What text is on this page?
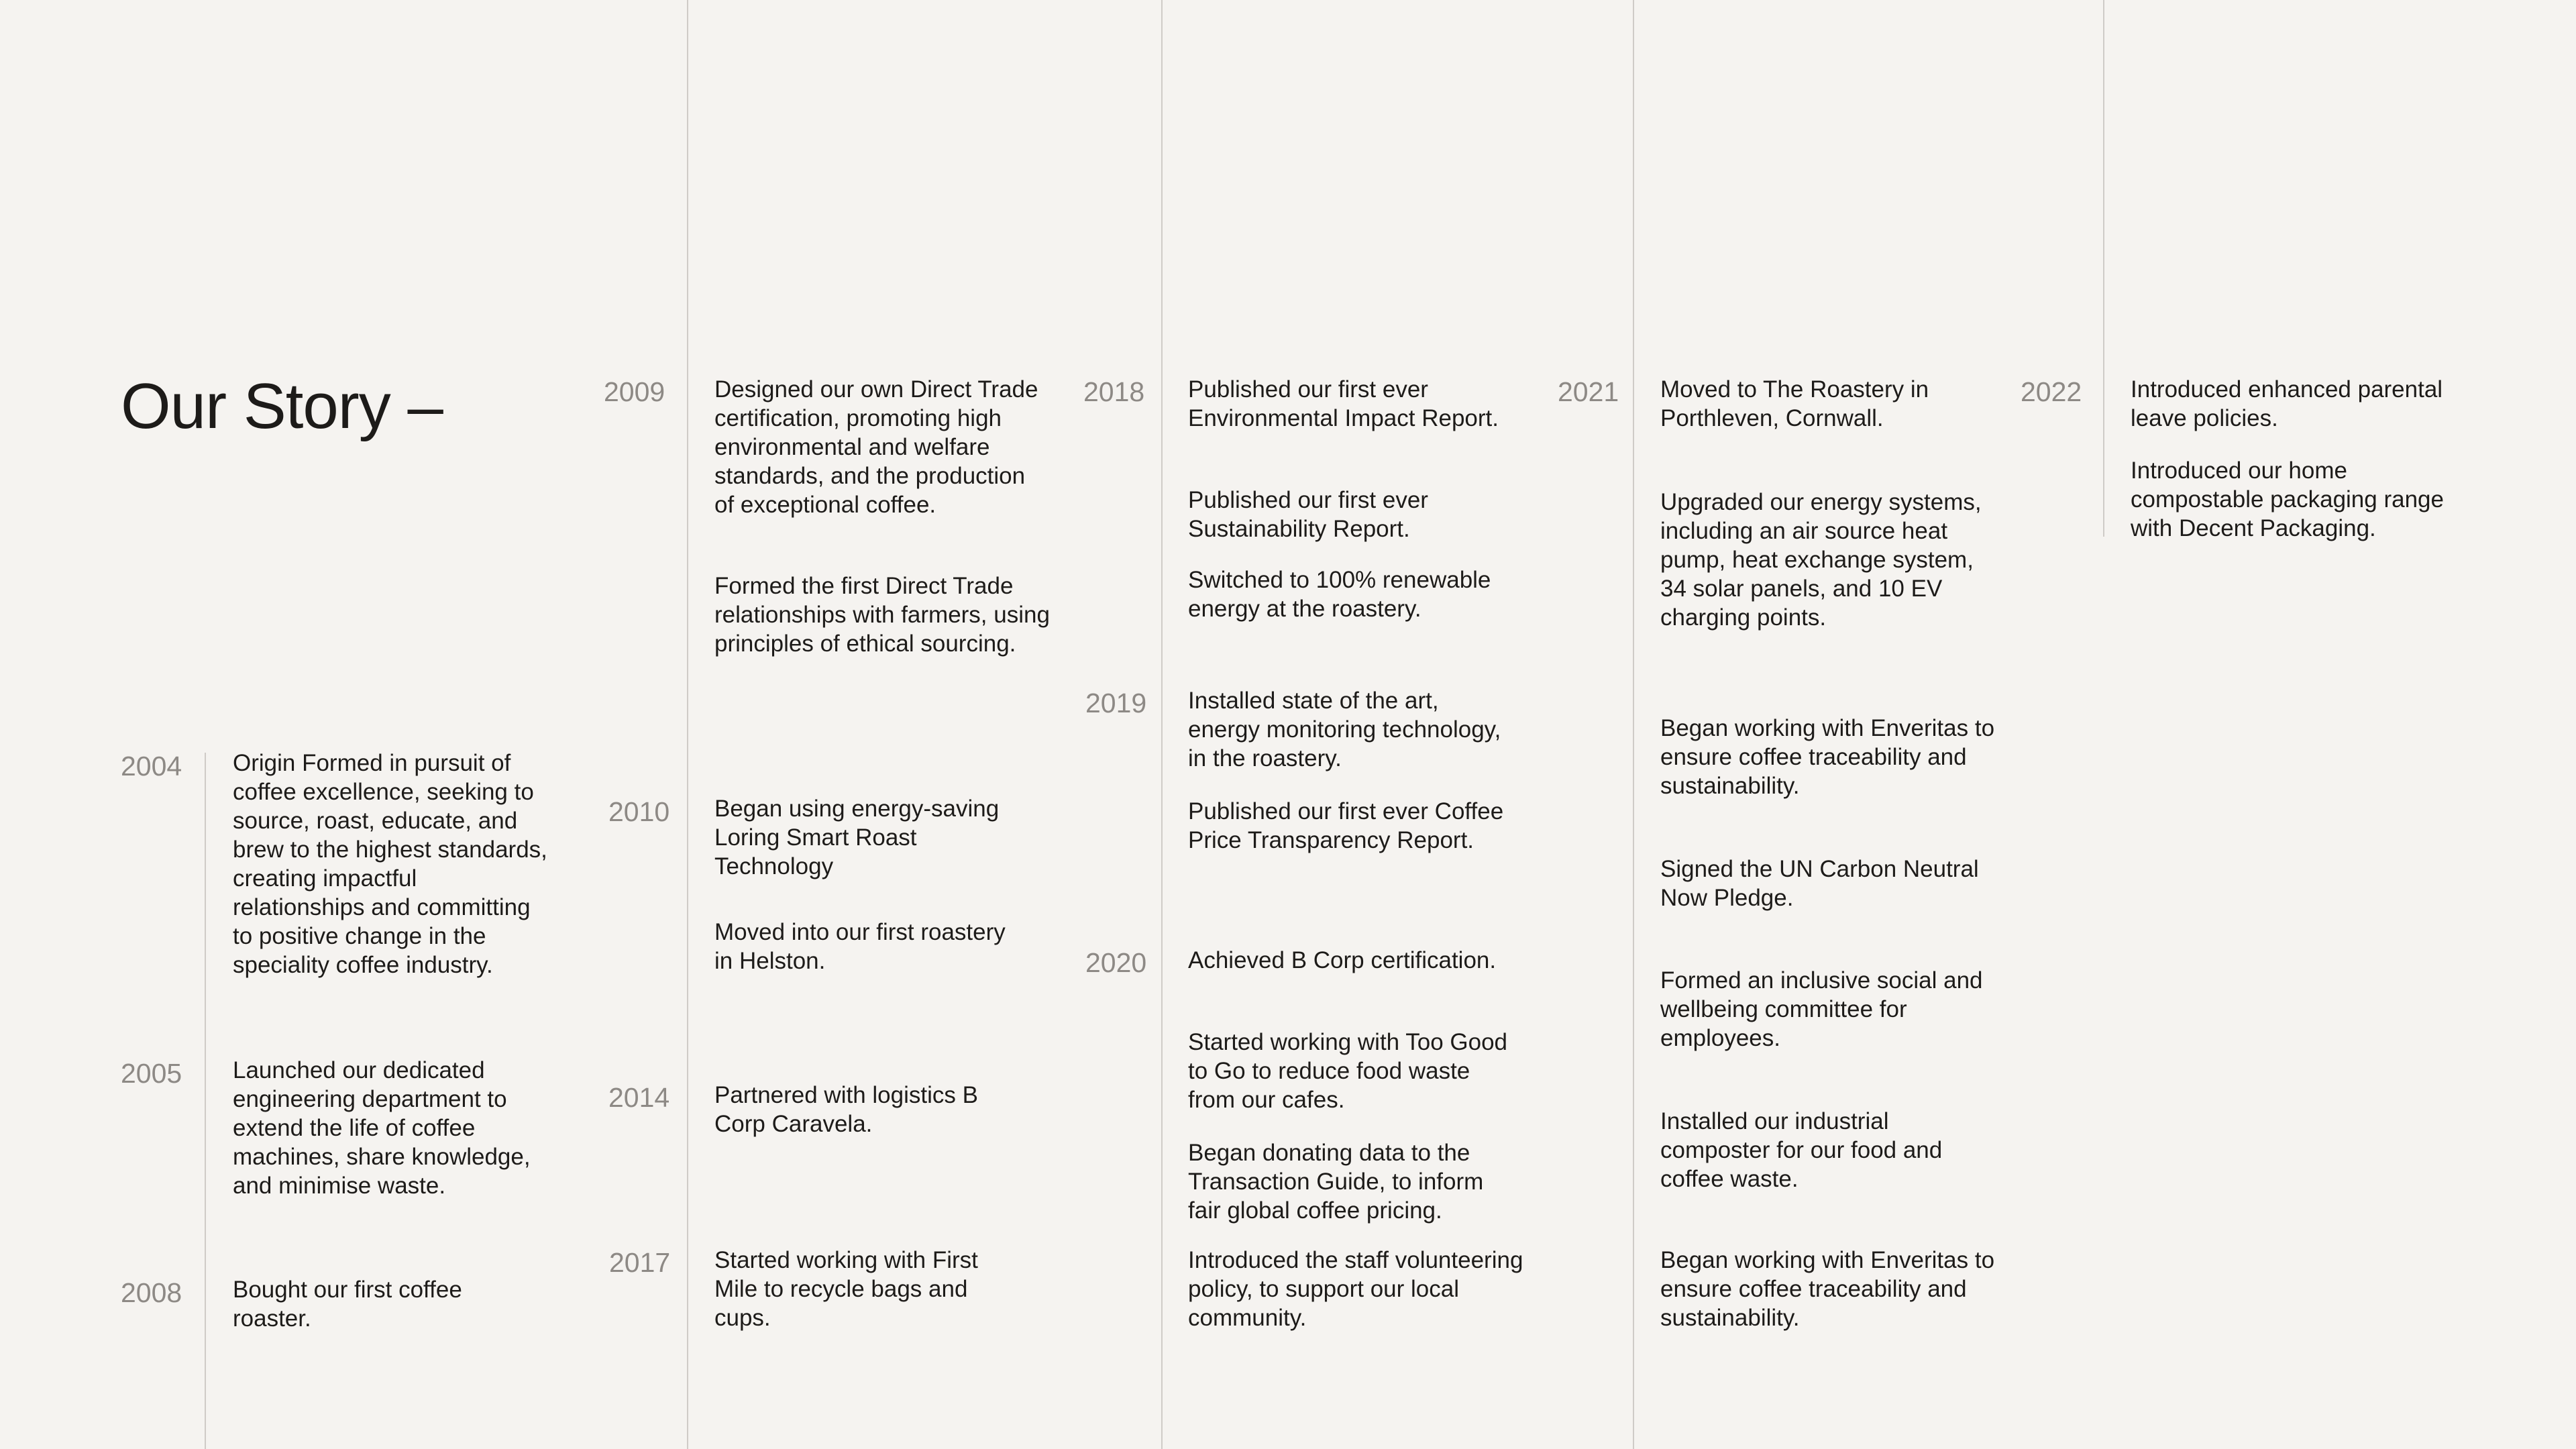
Our Story –
2004 Origin Formed in pursuit of coffee excellence, seeking to source, roast, educate, and brew to the highest standards, creating impactful relationships and committing to positive change in the speciality coffee industry.

2005 Launched our dedicated engineering department to extend the life of coffee machines, share knowledge, and minimise waste.

2008 Bought our first coffee roaster.

2009 Designed our own Direct Trade certification, promoting high environmental and welfare standards, and the production of exceptional coffee.

Formed the first Direct Trade relationships with farmers, using principles of ethical sourcing.

2010 Began using energy-saving Loring Smart Roast Technology

Moved into our first roastery in Helston.

2014 Partnered with logistics B Corp Caravela.

2017 Started working with First Mile to recycle bags and cups.

2018 Published our first ever Environmental Impact Report.

Published our first ever Sustainability Report.

Switched to 100% renewable energy at the roastery.

2019 Installed state of the art, energy monitoring technology, in the roastery.

Published our first ever Coffee Price Transparency Report.

2020 Achieved B Corp certification.

Started working with Too Good to Go to reduce food waste from our cafes.

Began donating data to the Transaction Guide, to inform fair global coffee pricing.

Introduced the staff volunteering policy, to support our local community.

2021 Moved to The Roastery in Porthleven, Cornwall.

Upgraded our energy systems, including an air source heat pump, heat exchange system, 34 solar panels, and 10 EV charging points.

Began working with Enveritas to ensure coffee traceability and sustainability.

Signed the UN Carbon Neutral Now Pledge.

Formed an inclusive social and wellbeing committee for employees.

Installed our industrial composter for our food and coffee waste.

Began working with Enveritas to ensure coffee traceability and sustainability.

2022 Introduced enhanced parental leave policies.

Introduced our home compostable packaging range with Decent Packaging.
